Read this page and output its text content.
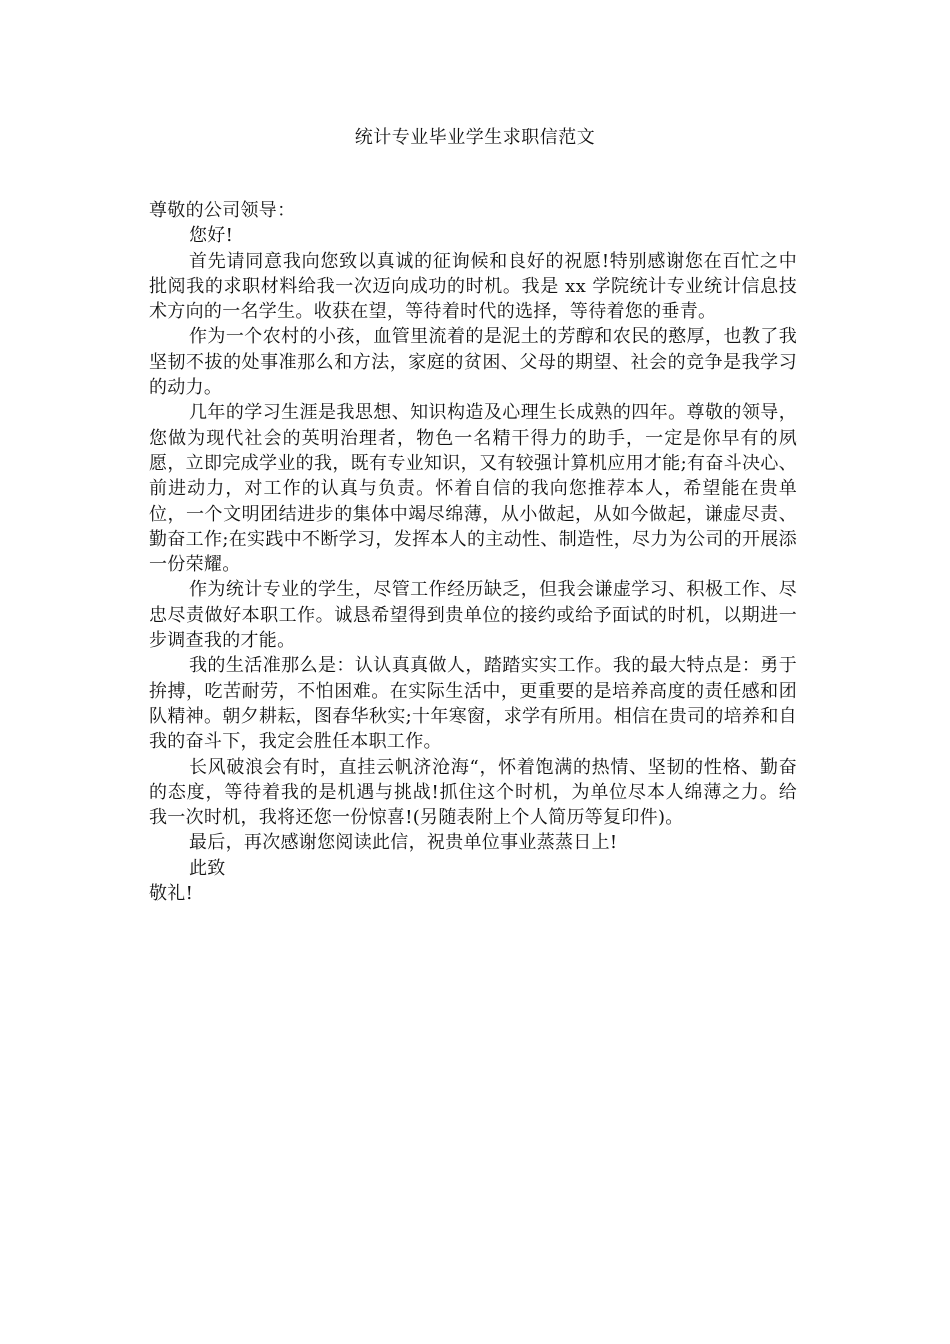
统计专业毕业学生求职信范文

尊敬的公司领导：

您好!

首先请同意我向您致以真诚的征询候和良好的祝愿!特别感谢您在百忙之中批阅我的求职材料给我一次迈向成功的时机。我是 xx 学院统计专业统计信息技术方向的一名学生。收获在望，等待着时代的选择，等待着您的垂青。

作为一个农村的小孩，血管里流着的是泥土的芳醇和农民的憨厚，也教了我坚韧不拔的处事准那么和方法，家庭的贫困、父母的期望、社会的竞争是我学习的动力。

几年的学习生涯是我思想、知识构造及心理生长成熟的四年。尊敬的领导，您做为现代社会的英明治理者，物色一名精干得力的助手，一定是你早有的夙愿，立即完成学业的我，既有专业知识，又有较强计算机应用才能;有奋斗决心、前进动力，对工作的认真与负责。怀着自信的我向您推荐本人，希望能在贵单位，一个文明团结进步的集体中竭尽绵薄，从小做起，从如今做起，谦虚尽责、勤奋工作;在实践中不断学习，发挥本人的主动性、制造性，尽力为公司的开展添一份荣耀。

作为统计专业的学生，尽管工作经历缺乏，但我会谦虚学习、积极工作、尽忠尽责做好本职工作。诚恳希望得到贵单位的接约或给予面试的时机，以期进一步调查我的才能。

我的生活准那么是：认认真真做人，踏踏实实工作。我的最大特点是：勇于拚搏，吃苦耐劳，不怕困难。在实际生活中，更重要的是培养高度的责任感和团队精神。朝夕耕耘，图春华秋实;十年寒窗，求学有所用。相信在贵司的培养和自我的奋斗下，我定会胜任本职工作。

长风破浪会有时，直挂云帆济沧海“，怀着饱满的热情、坚韧的性格、勤奋的态度，等待着我的是机遇与挑战!抓住这个时机，为单位尽本人绵薄之力。给我一次时机，我将还您一份惊喜!(另随表附上个人简历等复印件)。

最后，再次感谢您阅读此信，祝贵单位事业蒸蒸日上!

此致

敬礼!
